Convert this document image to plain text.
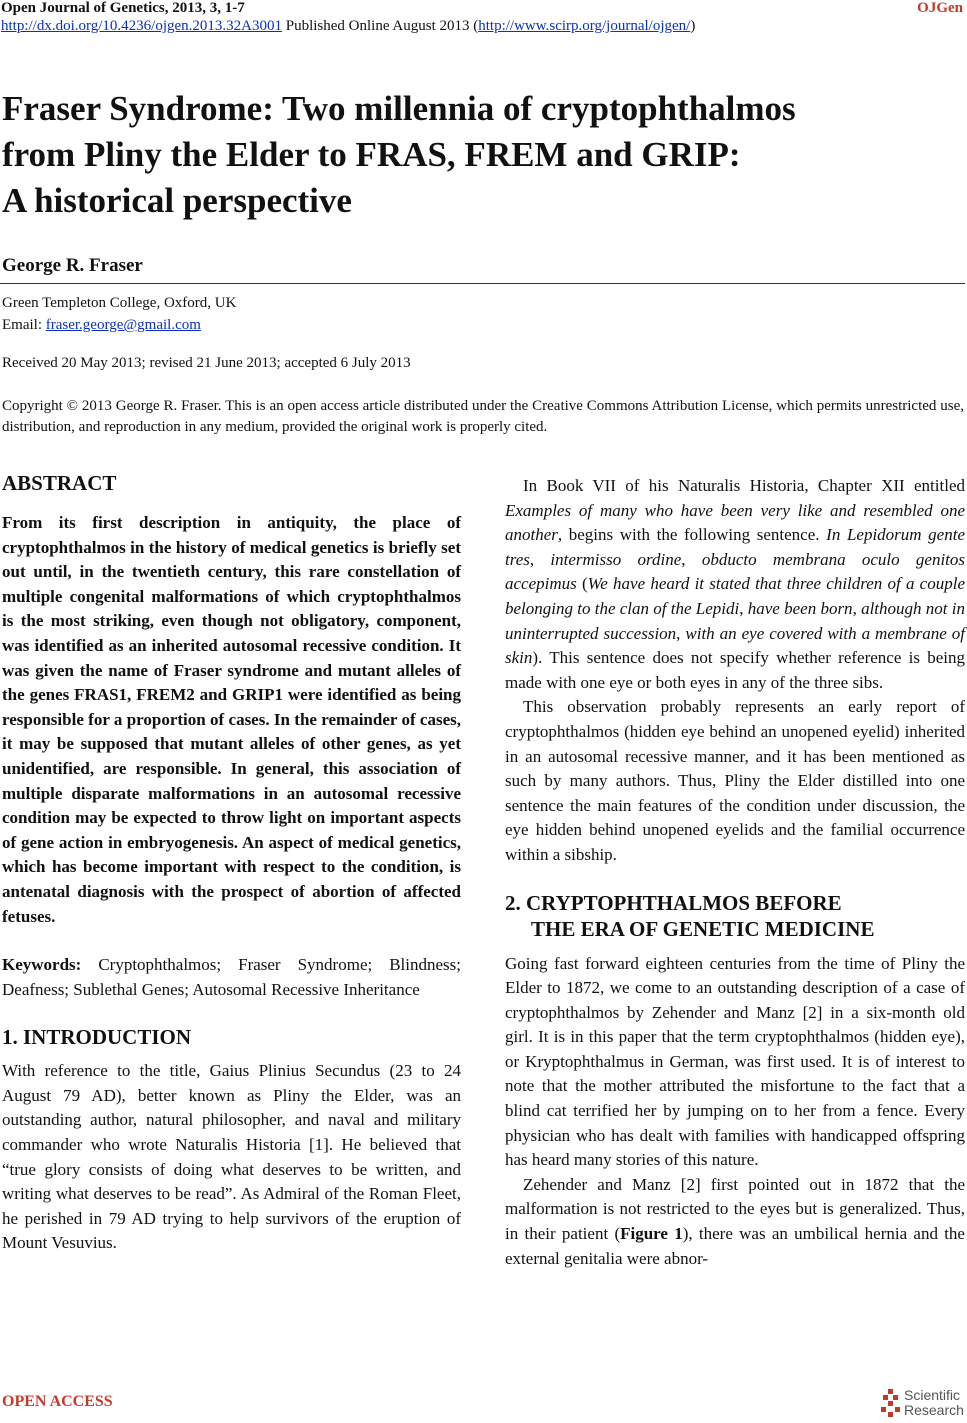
Open Journal of Genetics, 2013, 3, 1-7	OJGen
http://dx.doi.org/10.4236/ojgen.2013.32A3001 Published Online August 2013 (http://www.scirp.org/journal/ojgen/)
Fraser Syndrome: Two millennia of cryptophthalmos
from Pliny the Elder to FRAS, FREM and GRIP:
A historical perspective
George R. Fraser
Green Templeton College, Oxford, UK
Email: fraser.george@gmail.com
Received 20 May 2013; revised 21 June 2013; accepted 6 July 2013
Copyright © 2013 George R. Fraser. This is an open access article distributed under the Creative Commons Attribution License, which permits unrestricted use, distribution, and reproduction in any medium, provided the original work is properly cited.

ABSTRACT

From its first description in antiquity, the place of cryptophthalmos in the history of medical genetics is briefly set out until, in the twentieth century, this rare constellation of multiple congenital malformations of which cryptophthalmos is the most striking, even though not obligatory, component, was identified as an inherited autosomal recessive condition. It was given the name of Fraser syndrome and mutant alleles of the genes FRAS1, FREM2 and GRIP1 were identified as being responsible for a proportion of cases. In the remainder of cases, it may be supposed that mutant alleles of other genes, as yet unidentified, are responsible. In general, this association of multiple disparate malformations in an autosomal recessive condition may be expected to throw light on important aspects of gene action in embryogenesis. An aspect of medical genetics, which has become important with respect to the condition, is antenatal diagnosis with the prospect of abortion of affected fetuses.

Keywords: Cryptophthalmos; Fraser Syndrome; Blindness; Deafness; Sublethal Genes; Autosomal Recessive Inheritance

1. INTRODUCTION

With reference to the title, Gaius Plinius Secundus (23 to 24 August 79 AD), better known as Pliny the Elder, was an outstanding author, natural philosopher, and naval and military commander who wrote Naturalis Historia [1]. He believed that “true glory consists of doing what deserves to be written, and writing what deserves to be read”. As Admiral of the Roman Fleet, he perished in 79 AD trying to help survivors of the eruption of Mount Vesuvius.

In Book VII of his Naturalis Historia, Chapter XII entitled Examples of many who have been very like and resembled one another, begins with the following sentence. In Lepidorum gente tres, intermisso ordine, obducto membrana oculo genitos accepimus (We have heard it stated that three children of a couple belonging to the clan of the Lepidi, have been born, although not in uninterrupted succession, with an eye covered with a membrane of skin). This sentence does not specify whether reference is being made with one eye or both eyes in any of the three sibs.

This observation probably represents an early report of cryptophthalmos (hidden eye behind an unopened eyelid) inherited in an autosomal recessive manner, and it has been mentioned as such by many authors. Thus, Pliny the Elder distilled into one sentence the main features of the condition under discussion, the eye hidden behind unopened eyelids and the familial occurrence within a sibship.

2. CRYPTOPHTHALMOS BEFORE

THE ERA OF GENETIC MEDICINE

Going fast forward eighteen centuries from the time of Pliny the Elder to 1872, we come to an outstanding description of a case of cryptophthalmos by Zehender and Manz [2] in a six-month old girl. It is in this paper that the term cryptophthalmos (hidden eye), or Kryptophthalmus in German, was first used. It is of interest to note that the mother attributed the misfortune to the fact that a blind cat terrified her by jumping on to her from a fence. Every physician who has dealt with families with handicapped offspring has heard many stories of this nature.

Zehender and Manz [2] first pointed out in 1872 that the malformation is not restricted to the eyes but is generalized. Thus, in their patient (Figure 1), there was an umbilical hernia and the external genitalia were abnor-

OPEN ACCESS	Scientific
Research
